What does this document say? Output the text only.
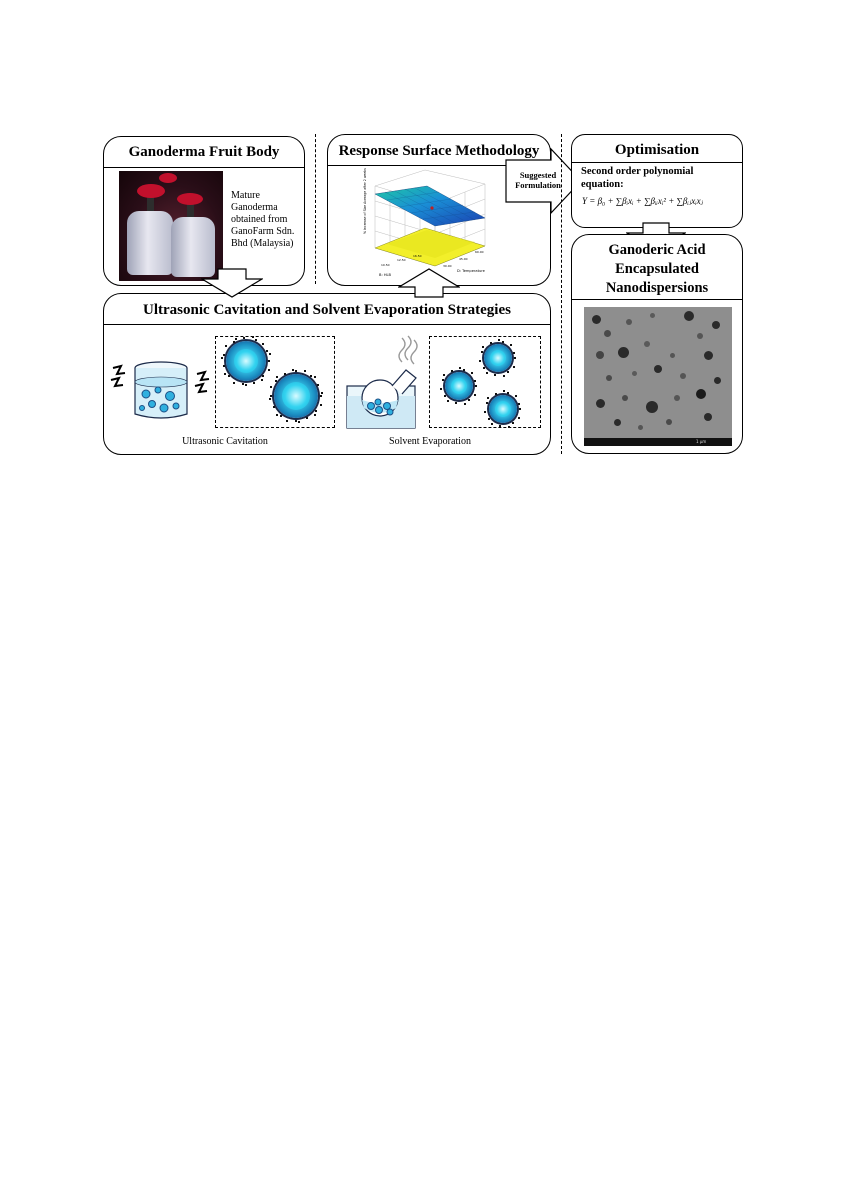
Ganoderma Fruit Body
Mature
Ganoderma
obtained from
GanoFarm Sdn.
Bhd (Malaysia)
Response Surface Methodology
% increase of Size Average after 2 weeks
B: HLB
D: Temperature
10.50
12.50
16.50
30.00
45.00
60.00
Suggested Formulation
Optimisation
Second order polynomial equation:
Y = β₀ + ∑βᵢxᵢ + ∑βᵢᵢxᵢ² + ∑βᵢⱼxᵢxⱼ
Ganoderic Acid
Encapsulated
Nanodispersions
1 µm
Ultrasonic Cavitation and Solvent Evaporation Strategies
Ultrasonic Cavitation	Solvent Evaporation
